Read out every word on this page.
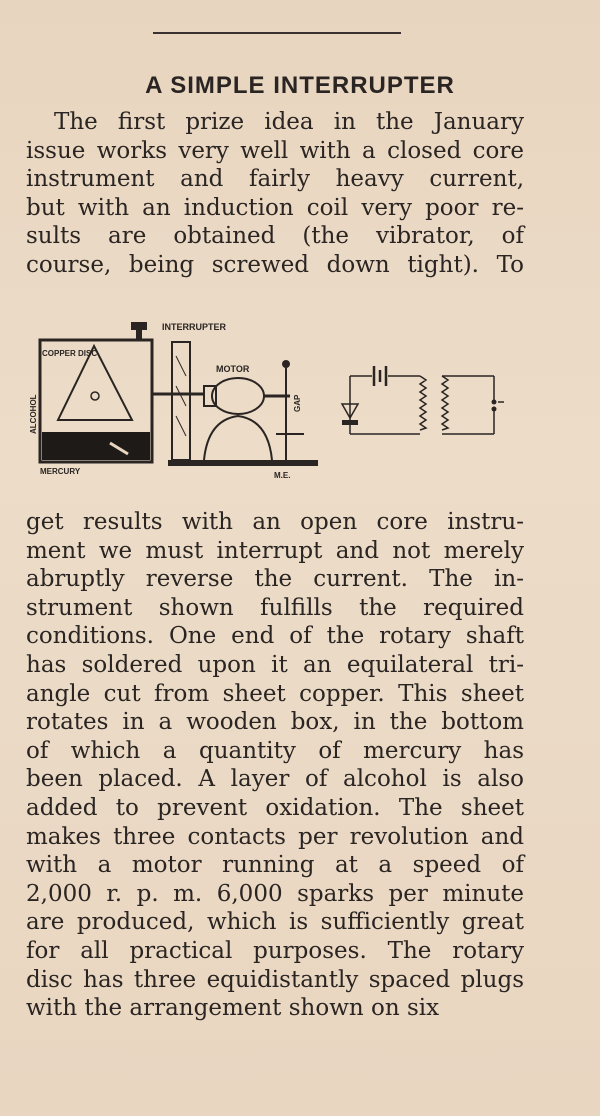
A SIMPLE INTERRUPTER

The first prize idea in the January
issue works very well with a closed core
instrument and fairly heavy current,
but with an induction coil very poor re-
sults are obtained (the vibrator, of
course, being screwed down tight). To

INTERRUPTER
COPPER DISC
ALCOHOL
MERCURY
MOTOR
GAP
M.E.

get results with an open core instru-
ment we must interrupt and not merely
abruptly reverse the current. The in-
strument shown fulfills the required
conditions. One end of the rotary shaft
has soldered upon it an equilateral tri-
angle cut from sheet copper. This sheet
rotates in a wooden box, in the bottom
of which a quantity of mercury has
been placed. A layer of alcohol is also
added to prevent oxidation. The sheet
makes three contacts per revolution and
with a motor running at a speed of
2,000 r. p. m. 6,000 sparks per minute
are produced, which is sufficiently great
for all practical purposes. The rotary
disc has three equidistantly spaced plugs
with the arrangement shown on six
